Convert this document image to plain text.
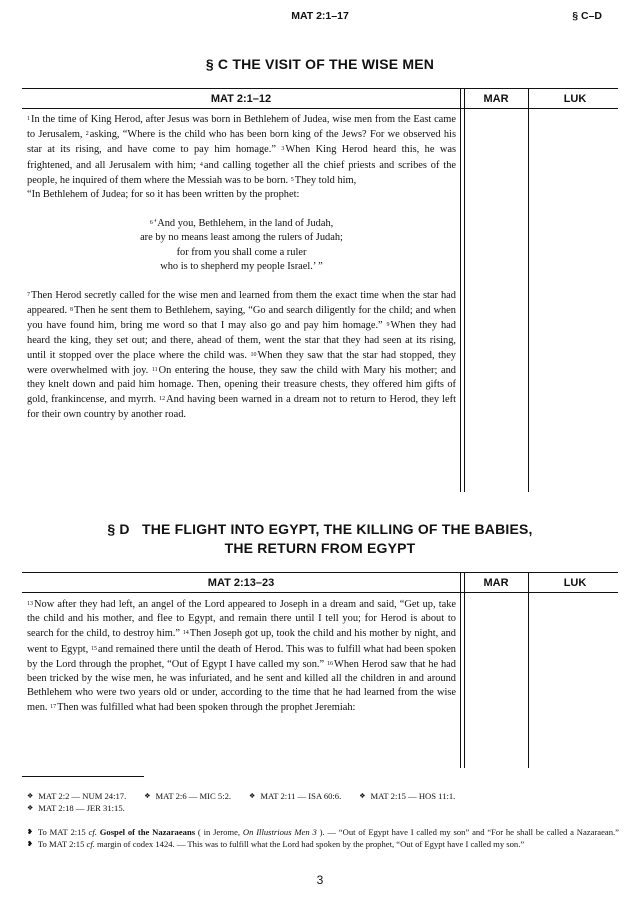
MAT 2:1–17	§ C–D
§ C THE VISIT OF THE WISE MEN
MAT 2:1–12	MAR	LUK
1In the time of King Herod, after Jesus was born in Bethlehem of Judea, wise men from the East came to Jerusalem, 2asking, “Where is the child who has been born king of the Jews? For we observed his star at its rising, and have come to pay him homage.” 3When King Herod heard this, he was frightened, and all Jerusalem with him; 4and calling together all the chief priests and scribes of the people, he inquired of them where the Messiah was to be born. 5They told him,
“In Bethlehem of Judea; for so it has been written by the prophet:
6‘And you, Bethlehem, in the land of Judah,
are by no means least among the rulers of Judah;
for from you shall come a ruler
who is to shepherd my people Israel.’ ”
7Then Herod secretly called for the wise men and learned from them the exact time when the star had appeared. 8Then he sent them to Bethlehem, saying, “Go and search diligently for the child; and when you have found him, bring me word so that I may also go and pay him homage.” 9When they had heard the king, they set out; and there, ahead of them, went the star that they had seen at its rising, until it stopped over the place where the child was. 10When they saw that the star had stopped, they were overwhelmed with joy. 11On entering the house, they saw the child with Mary his mother; and they knelt down and paid him homage. Then, opening their treasure chests, they offered him gifts of gold, frankincense, and myrrh. 12And having been warned in a dream not to return to Herod, they left for their own country by another road.
§ D   THE FLIGHT INTO EGYPT, THE KILLING OF THE BABIES,
THE RETURN FROM EGYPT
MAT 2:13–23	MAR	LUK
13Now after they had left, an angel of the Lord appeared to Joseph in a dream and said, “Get up, take the child and his mother, and flee to Egypt, and remain there until I tell you; for Herod is about to search for the child, to destroy him.” 14Then Joseph got up, took the child and his mother by night, and went to Egypt, 15and remained there until the death of Herod. This was to fulfill what had been spoken by the Lord through the prophet, “Out of Egypt I have called my son.” 16When Herod saw that he had been tricked by the wise men, he was infuriated, and he sent and killed all the children in and around Bethlehem who were two years old or under, according to the time that he had learned from the wise men. 17Then was fulfilled what had been spoken through the prophet Jeremiah:
❖ MAT 2:2 — NUM 24:17.	❖ MAT 2:6 — MIC 5:2.	❖ MAT 2:11 — ISA 60:6.	❖ MAT 2:15 — HOS 11:1.
❖ MAT 2:18 — JER 31:15.
❥ To MAT 2:15 cf. Gospel of the Nazaraeans ( in Jerome, On Illustrious Men 3 ). — “Out of Egypt have I called my son” and “For he shall be called a Nazaraean.” ❥ To MAT 2:15 cf. margin of codex 1424. — This was to fulfill what the Lord had spoken by the prophet, “Out of Egypt have I called my son.”
3
